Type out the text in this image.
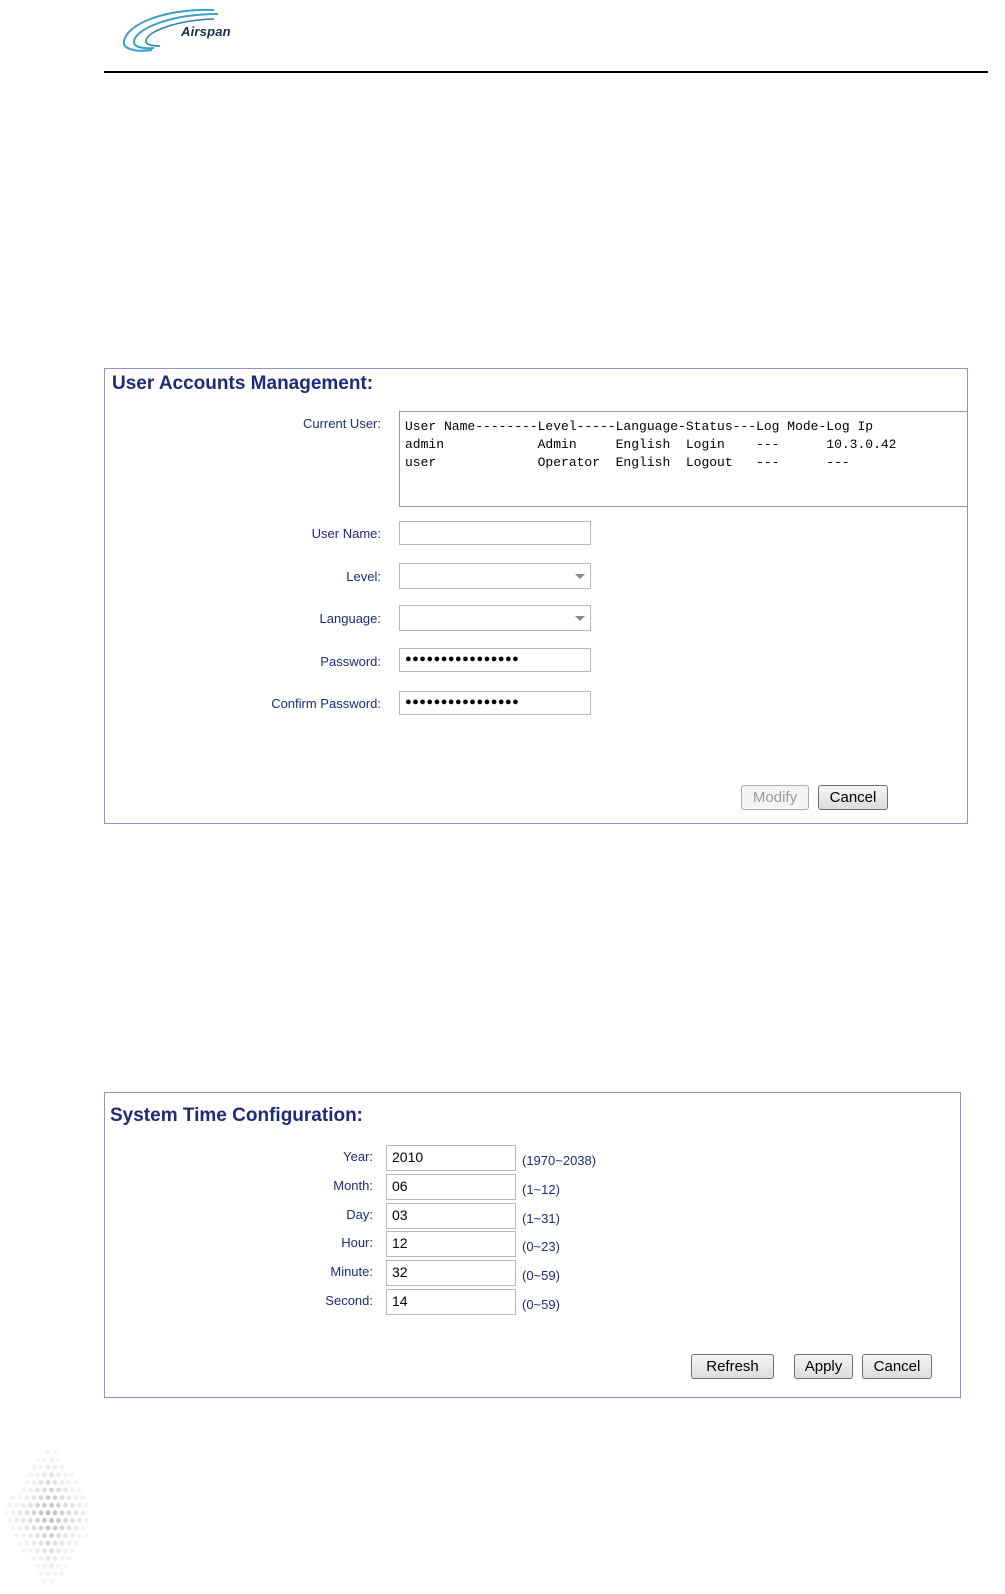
Airspan
User Accounts Management:
Current User: User Name--------Level-----Language-Status---Log Mode-Log Ip
admin            Admin     English  Login    ---      10.3.0.42
user             Operator  English  Logout   ---      ---
User Name:
Level:
Language:
Password: ●●●●●●●●●●●●●●●●
Confirm Password: ●●●●●●●●●●●●●●●●
Modify	Cancel
System Time Configuration:
Year: 2010	(1970~2038)
Month: 06	(1~12)
Day: 03	(1~31)
Hour: 12	(0~23)
Minute: 32	(0~59)
Second: 14	(0~59)
Refresh	Apply	Cancel
